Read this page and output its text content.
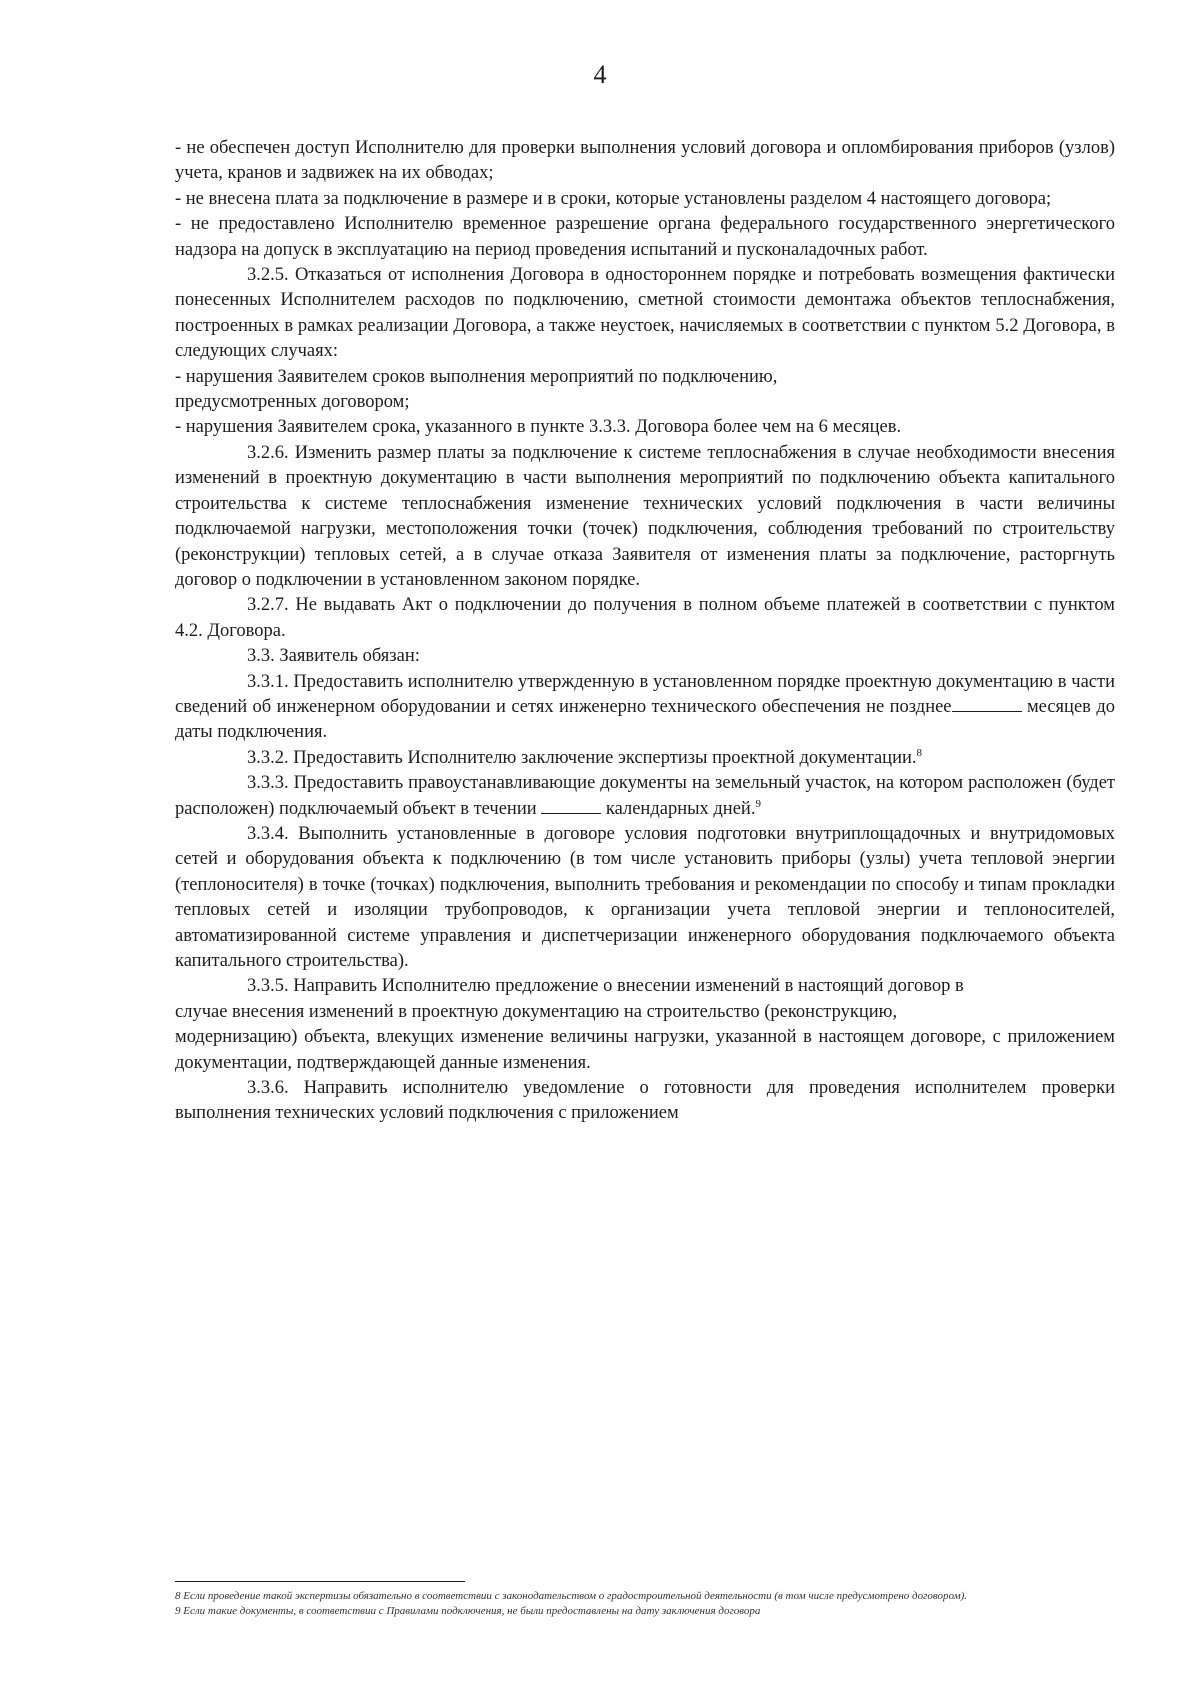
4

- не обеспечен доступ Исполнителю для проверки выполнения условий договора и опломбирования приборов (узлов) учета, кранов и задвижек на их обводах;

- не внесена плата за подключение в размере и в сроки, которые установлены разделом 4 настоящего договора;

- не предоставлено Исполнителю временное разрешение органа федерального государственного энергетического надзора на допуск в эксплуатацию на период проведения испытаний и пусконаладочных работ.

3.2.5. Отказаться от исполнения Договора в одностороннем порядке и потребовать возмещения фактически понесенных Исполнителем расходов по подключению, сметной стоимости демонтажа объектов теплоснабжения, построенных в рамках реализации Договора, а также неустоек, начисляемых в соответствии с пунктом 5.2 Договора, в следующих случаях:

- нарушения Заявителем сроков выполнения мероприятий по подключению,

предусмотренных договором;

- нарушения Заявителем срока, указанного в пункте 3.3.3. Договора более чем на 6 месяцев.

3.2.6. Изменить размер платы за подключение к системе теплоснабжения в случае необходимости внесения изменений в проектную документацию в части выполнения мероприятий по подключению объекта капитального строительства к системе теплоснабжения изменение технических условий подключения в части величины подключаемой нагрузки, местоположения точки (точек) подключения, соблюдения требований по строительству (реконструкции) тепловых сетей, а в случае отказа Заявителя от изменения платы за подключение, расторгнуть договор о подключении в установленном законом порядке.

3.2.7. Не выдавать Акт о подключении до получения в полном объеме платежей в соответствии с пунктом 4.2. Договора.

3.3. Заявитель обязан:

3.3.1. Предоставить исполнителю утвержденную в установленном порядке проектную документацию в части сведений об инженерном оборудовании и сетях инженерно технического обеспечения не позднее	месяцев до даты подключения.

3.3.2. Предоставить Исполнителю заключение экспертизы проектной документации.$^8$

3.3.3. Предоставить правоустанавливающие документы на земельный участок, на котором расположен (будет расположен) подключаемый объект в течении	календарных дней.$^9$

3.3.4. Выполнить установленные в договоре условия подготовки внутриплощадочных и внутридомовых сетей и оборудования объекта к подключению (в том числе установить приборы (узлы) учета тепловой энергии (теплоносителя) в точке (точках) подключения, выполнить требования и рекомендации по способу и типам прокладки тепловых сетей и изоляции трубопроводов, к организации учета тепловой энергии и теплоносителей, автоматизированной системе управления и диспетчеризации инженерного оборудования подключаемого объекта капитального строительства).

3.3.5. Направить Исполнителю предложение о внесении изменений в настоящий договор в

случае внесения изменений в проектную документацию на строительство (реконструкцию,

модернизацию) объекта, влекущих изменение величины нагрузки, указанной в настоящем договоре, с приложением документации, подтверждающей данные изменения.

3.3.6. Направить исполнителю уведомление о готовности для проведения исполнителем проверки выполнения технических условий подключения с приложением

8 Если проведение такой экспертизы обязательно в соответствии с законодательством о градостроительной деятельности (в том числе предусмотрено договором).

9 Если такие документы, в соответствии с Правилами подключения, не были предоставлены на дату заключения договора
